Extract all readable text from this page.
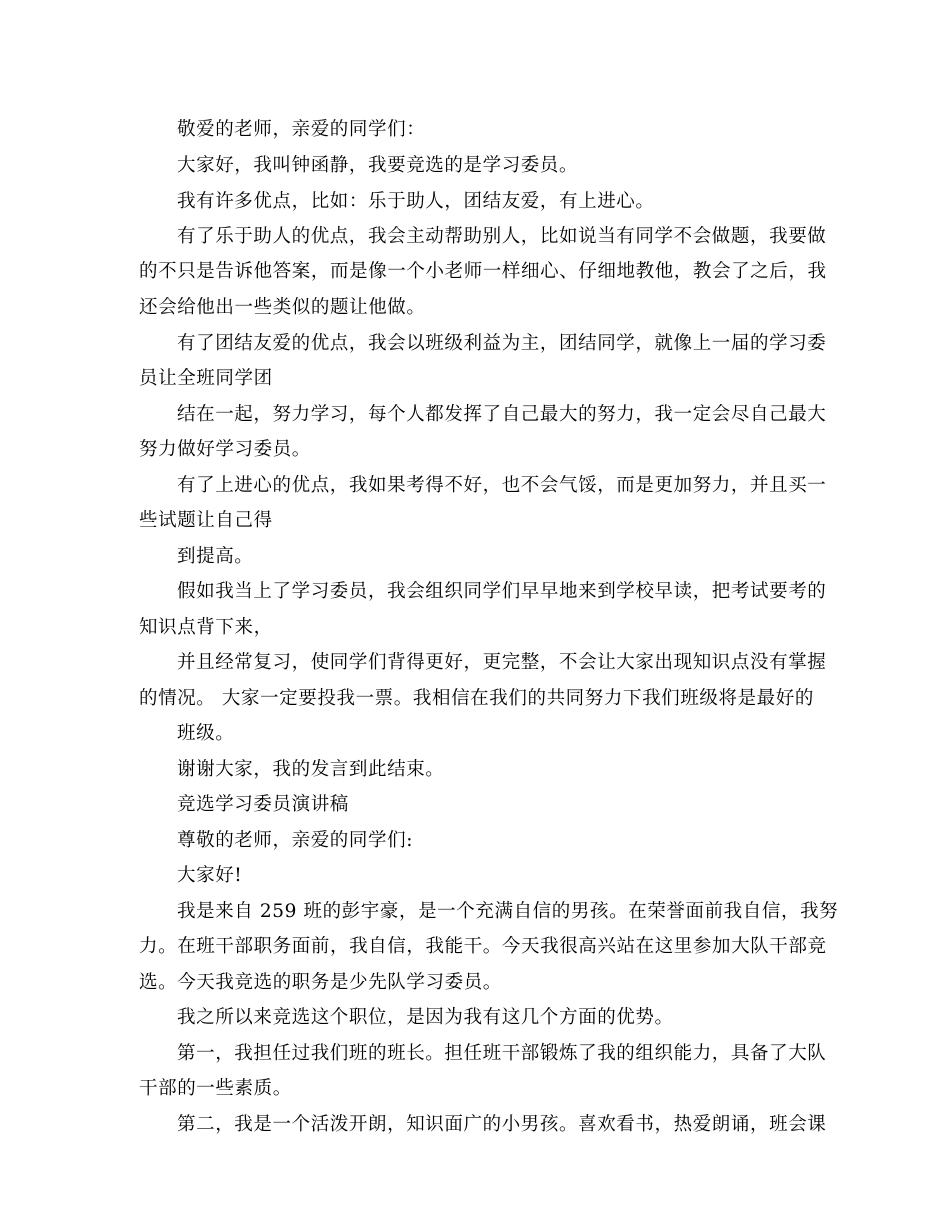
敬爱的老师，亲爱的同学们：
大家好，我叫钟函静，我要竞选的是学习委员。
我有许多优点，比如：乐于助人，团结友爱，有上进心。
有了乐于助人的优点，我会主动帮助别人，比如说当有同学不会做题，我要做
的不只是告诉他答案，而是像一个小老师一样细心、仔细地教他，教会了之后，我
还会给他出一些类似的题让他做。
有了团结友爱的优点，我会以班级利益为主，团结同学，就像上一届的学习委
员让全班同学团
结在一起，努力学习，每个人都发挥了自己最大的努力，我一定会尽自己最大
努力做好学习委员。
有了上进心的优点，我如果考得不好，也不会气馁，而是更加努力，并且买一
些试题让自己得
到提高。
假如我当上了学习委员，我会组织同学们早早地来到学校早读，把考试要考的
知识点背下来，
并且经常复习，使同学们背得更好，更完整，不会让大家出现知识点没有掌握
的情况。 大家一定要投我一票。我相信在我们的共同努力下我们班级将是最好的
班级。
谢谢大家，我的发言到此结束。
竞选学习委员演讲稿
尊敬的老师，亲爱的同学们:
大家好!
我是来自 259 班的彭宇豪，是一个充满自信的男孩。在荣誉面前我自信，我努
力。在班干部职务面前，我自信，我能干。今天我很高兴站在这里参加大队干部竞
选。今天我竞选的职务是少先队学习委员。
我之所以来竞选这个职位，是因为我有这几个方面的优势。
第一，我担任过我们班的班长。担任班干部锻炼了我的组织能力，具备了大队
干部的一些素质。
第二，我是一个活泼开朗，知识面广的小男孩。喜欢看书，热爱朗诵，班会课
